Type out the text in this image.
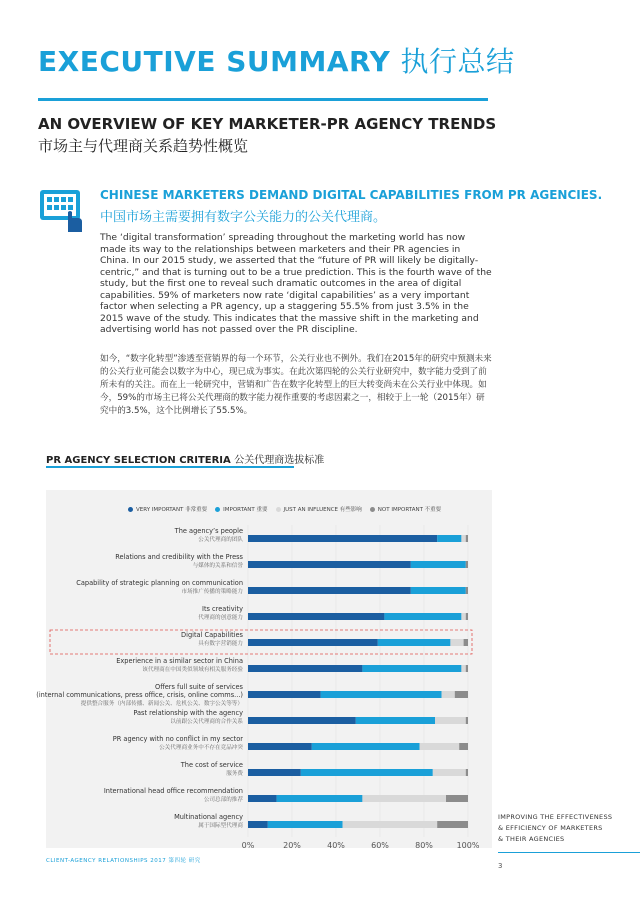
EXECUTIVE SUMMARY 执行总结
AN OVERVIEW OF KEY MARKETER-PR AGENCY TRENDS
市场主与代理商关系趋势性概览
CHINESE MARKETERS DEMAND DIGITAL CAPABILITIES FROM PR AGENCIES.
中国市场主需要拥有数字公关能力的公关代理商。
The ‘digital transformation’ spreading throughout the marketing world has now made its way to the relationships between marketers and their PR agencies in China. In our 2015 study, we asserted that the “future of PR will likely be digitally-centric,” and that is turning out to be a true prediction. This is the fourth wave of the study, but the first one to reveal such dramatic outcomes in the area of digital capabilities. 59% of marketers now rate ‘digital capabilities’ as a very important factor when selecting a PR agency, up a staggering 55.5% from just 3.5% in the 2015 wave of the study. This indicates that the massive shift in the marketing and advertising world has not passed over the PR discipline.
如今，“数字化转型”渗透至营销界的每一个环节，公关行业也不例外。我们在2015年的研究中预测未来的公关行业可能会以数字为中心，现已成为事实。在此次第四轮的公关行业研究中，数字能力受到了前所未有的关注。而在上一轮研究中，营销和广告在数字化转型上的巨大转变尚未在公关行业中体现。如今，59%的市场主已将公关代理商的数字能力视作重要的考虑因素之一，相较于上一轮（2015年）研究中的3.5%，这个比例增长了55.5%。
PR AGENCY SELECTION CRITERIA 公关代理商选拔标准
VERY IMPORTANT 非常重要	IMPORTANT 重要	JUST AN INFLUENCE 有些影响	NOT IMPORTANT 不重要
0%	20%	40%	60%	80%	100%
The agency’s people
公关代理商的团队
Relations and credibility with the Press
与媒体的关系和信誉
Capability of strategic planning on communication
市场推广传播的策略能力
Its creativity
代理商的创意能力
Digital Capabilities
具有数字营销能力
Experience in a similar sector in China
该代理商在中国类似领域有相关服务经验
Offers full suite of services
(internal communications, press office, crisis, online comms...)
提供整合服务（内部传播、新闻公关、危机公关、数字公关等等）
Past relationship with the agency
以前跟公关代理商的合作关系
PR agency with no conflict in my sector
公关代理商业务中不存在竞品冲突
The cost of service
服务费
International head office recommendation
公司总部的推荐
Multinational agency
属于国际型代理商
IMPROVING THE EFFECTIVENESS
& EFFICIENCY OF MARKETERS
& THEIR AGENCIES
3
CLIENT-AGENCY RELATIONSHIPS 2017 第四轮 研究
